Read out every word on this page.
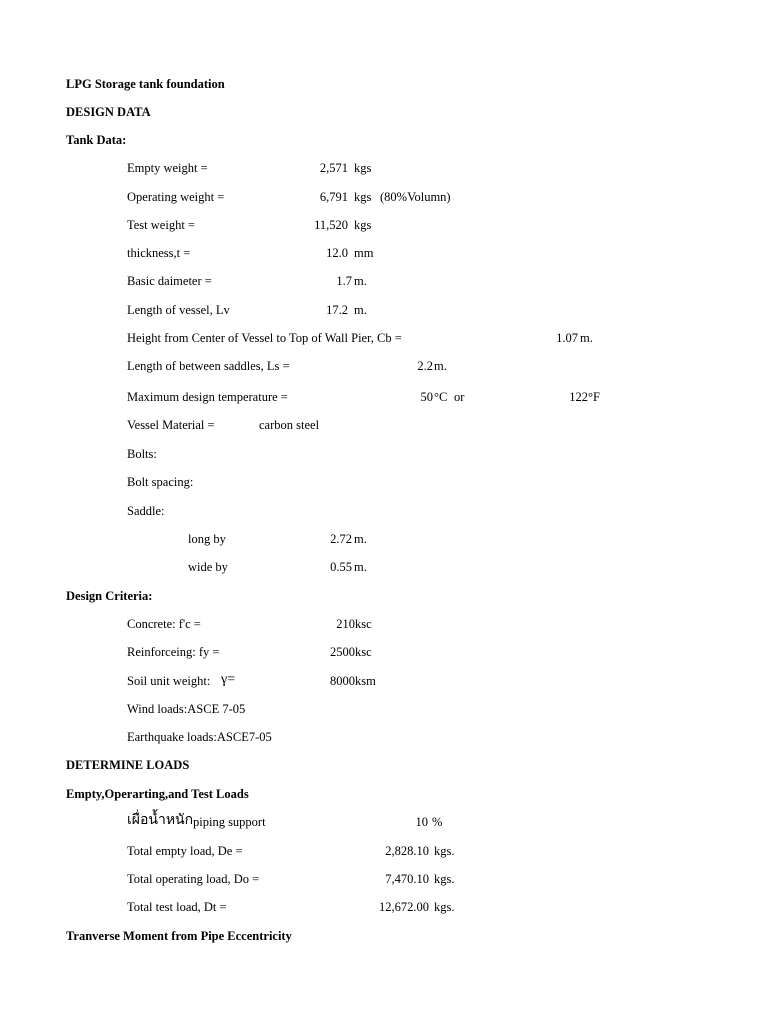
LPG Storage tank foundation
DESIGN DATA
Tank Data:
Empty weight =	2,571 kgs
Operating weight =	6,791 kgs (80%Volumn)
Test weight =	11,520 kgs
thickness,t =	12.0 mm
Basic daimeter =	1.7 m.
Length of vessel, Lv	17.2 m.
Height from Center of Vessel to Top of Wall Pier, Cb =	1.07 m.
Length of between saddles, Ls =	2.2 m.
Maximum design temperature =	50 °C or	122 °F
Vessel Material =	carbon steel
Bolts:
Bolt spacing:
Saddle:
long by	2.72 m.
wide by	0.55 m.
Design Criteria:
Concrete: f'c =	210 ksc
Reinforceing: fy =	2500 ksc
Soil unit weight: γ=	8000 ksm
Wind loads:ASCE 7-05
Earthquake loads:ASCE7-05
DETERMINE LOADS
Empty,Operarting,and Test Loads
เผื่อน้ำหนัก piping support	10 %
Total empty load, De =	2,828.10 kgs.
Total operating load, Do =	7,470.10 kgs.
Total test load, Dt =	12,672.00 kgs.
Tranverse Moment from Pipe Eccentricity
